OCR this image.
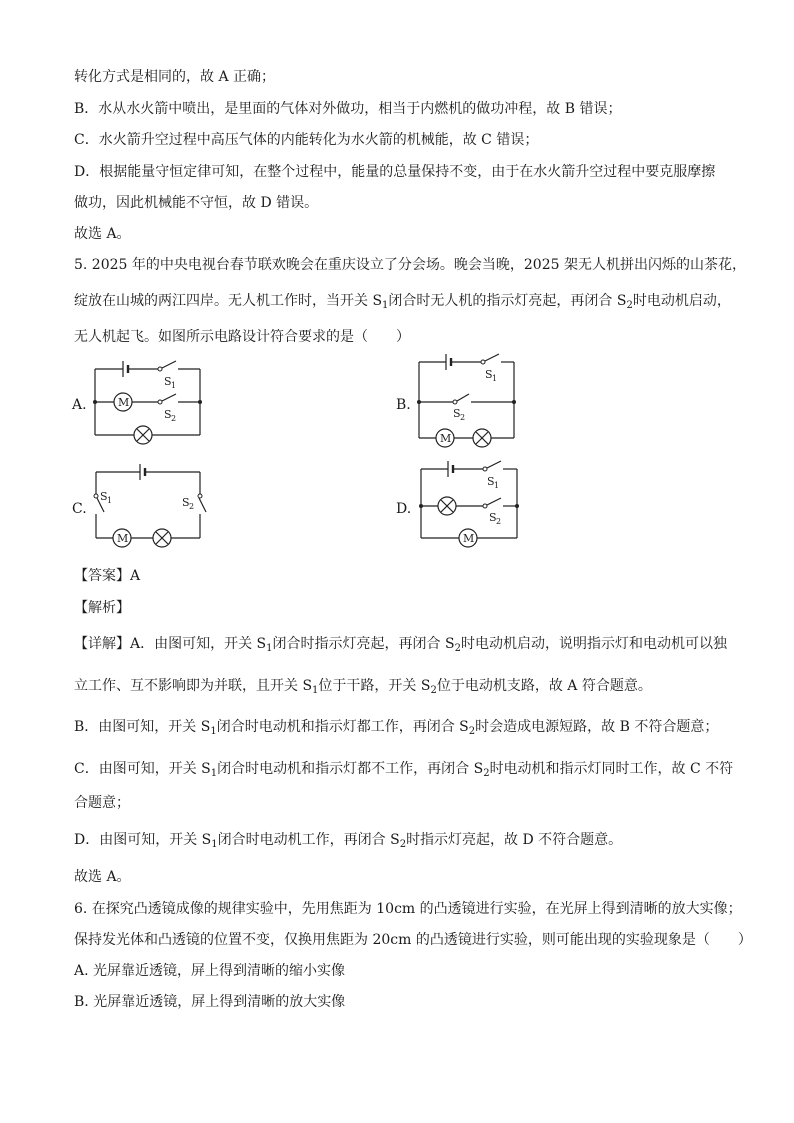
转化方式是相同的，故 A 正确；
B．水从水火箭中喷出，是里面的气体对外做功，相当于内燃机的做功冲程，故 B 错误；
C．水火箭升空过程中高压气体的内能转化为水火箭的机械能，故 C 错误；
D．根据能量守恒定律可知，在整个过程中，能量的总量保持不变，由于在水火箭升空过程中要克服摩擦
做功，因此机械能不守恒，故 D 错误。
故选 A。
5. 2025 年的中央电视台春节联欢晚会在重庆设立了分会场。晚会当晚，2025 架无人机拼出闪烁的山茶花，
绽放在山城的两江四岸。无人机工作时，当开关 $S_1$闭合时无人机的指示灯亮起，再闭合 $S_2$时电动机启动，
无人机起飞。如图所示电路设计符合要求的是（　　）
A.
S 1
M
S 2
B.
S 1
S 2
M
C.
S 1	S 2
M
D.
S 1
S 2
M
【答案】A
【解析】
【详解】A．由图可知，开关 $S_1$闭合时指示灯亮起，再闭合 $S_2$时电动机启动，说明指示灯和电动机可以独
立工作、互不影响即为并联，且开关 $S_1$位于干路，开关 $S_2$位于电动机支路，故 A 符合题意。
B．由图可知，开关 $S_1$闭合时电动机和指示灯都工作，再闭合 $S_2$时会造成电源短路，故 B 不符合题意；
C．由图可知，开关 $S_1$闭合时电动机和指示灯都不工作，再闭合 $S_2$时电动机和指示灯同时工作，故 C 不符
合题意；
D．由图可知，开关 $S_1$闭合时电动机工作，再闭合 $S_2$时指示灯亮起，故 D 不符合题意。
故选 A。
6. 在探究凸透镜成像的规律实验中，先用焦距为 10cm 的凸透镜进行实验，在光屏上得到清晰的放大实像；
保持发光体和凸透镜的位置不变，仅换用焦距为 20cm 的凸透镜进行实验，则可能出现的实验现象是（　　）
A. 光屏靠近透镜，屏上得到清晰的缩小实像
B. 光屏靠近透镜，屏上得到清晰的放大实像
